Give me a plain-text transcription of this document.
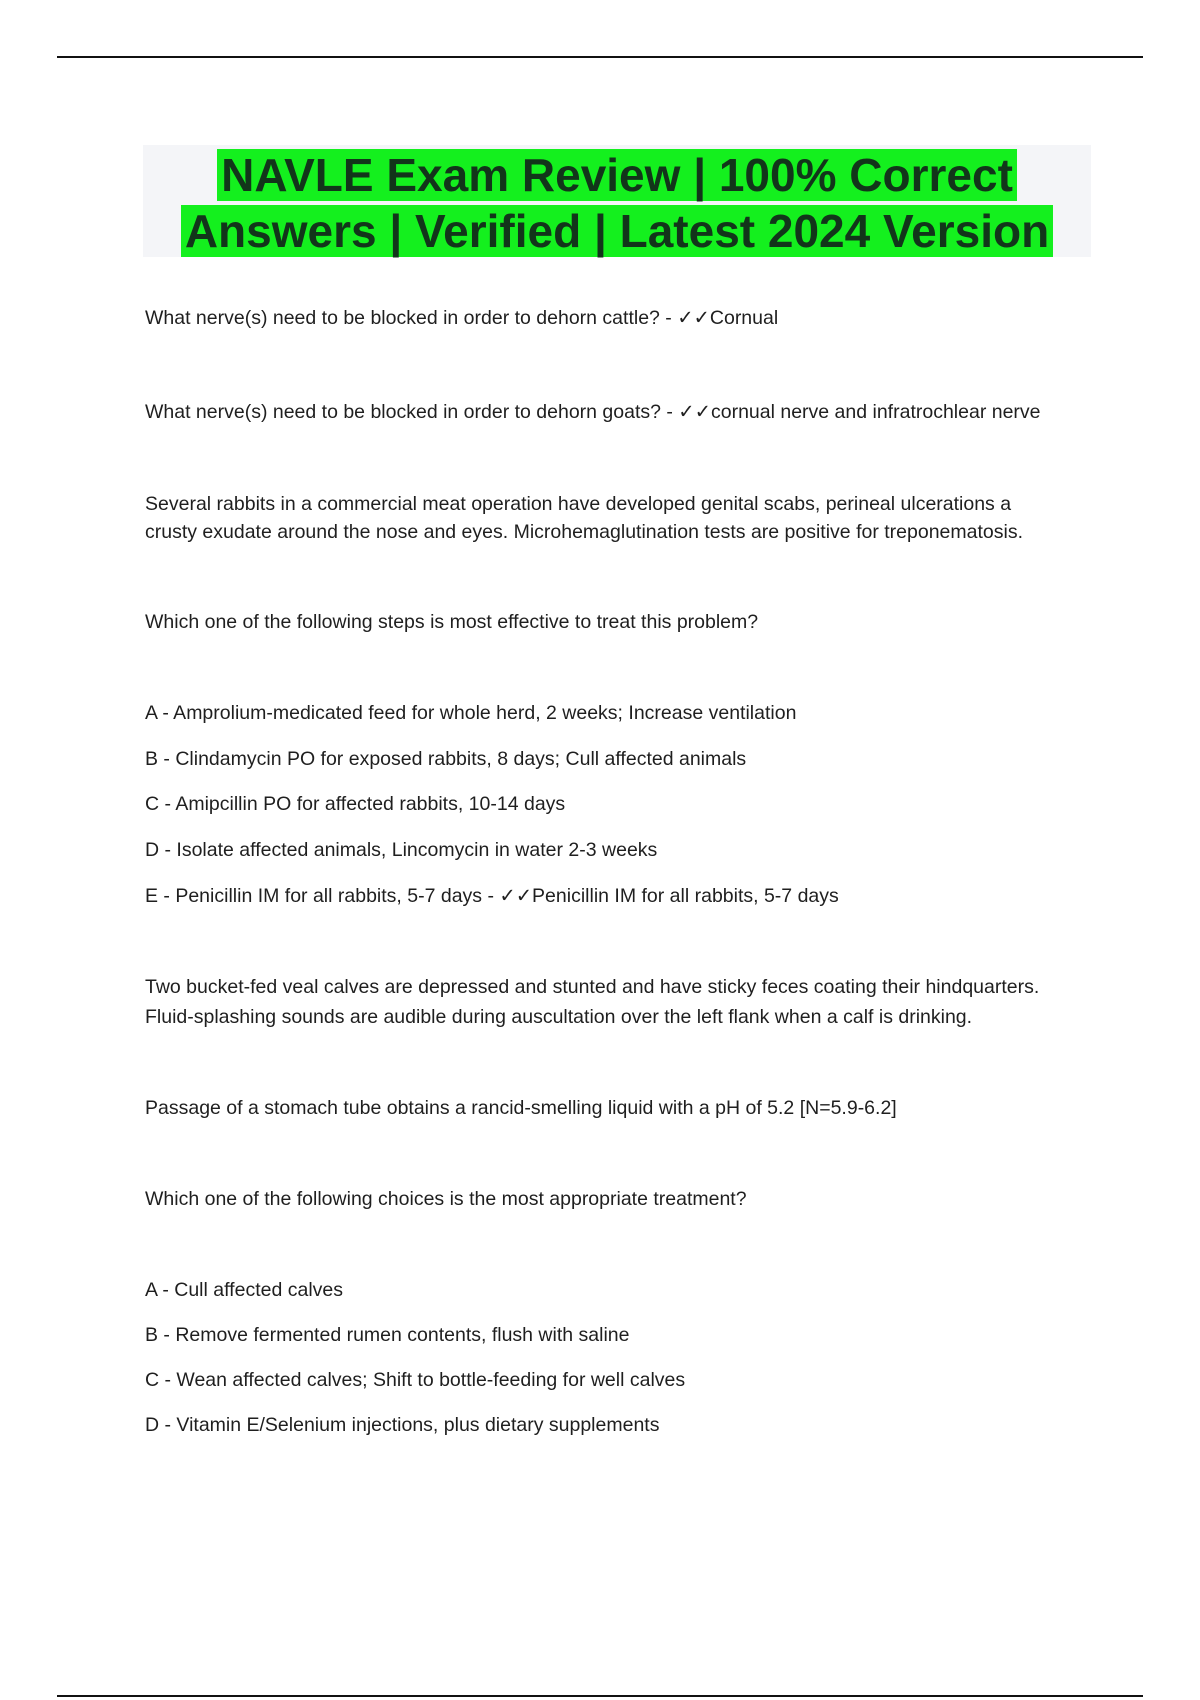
NAVLE Exam Review | 100% Correct
Answers | Verified | Latest 2024 Version
What nerve(s) need to be blocked in order to dehorn cattle? - ✓✓Cornual
What nerve(s) need to be blocked in order to dehorn goats? - ✓✓cornual nerve and infratrochlear nerve
Several rabbits in a commercial meat operation have developed genital scabs, perineal ulcerations a
crusty exudate around the nose and eyes. Microhemaglutination tests are positive for treponematosis.
Which one of the following steps is most effective to treat this problem?
A - Amprolium-medicated feed for whole herd, 2 weeks; Increase ventilation
B - Clindamycin PO for exposed rabbits, 8 days; Cull affected animals
C - Amipcillin PO for affected rabbits, 10-14 days
D - Isolate affected animals, Lincomycin in water 2-3 weeks
E - Penicillin IM for all rabbits, 5-7 days - ✓✓Penicillin IM for all rabbits, 5-7 days
Two bucket-fed veal calves are depressed and stunted and have sticky feces coating their hindquarters.
Fluid-splashing sounds are audible during auscultation over the left flank when a calf is drinking.
Passage of a stomach tube obtains a rancid-smelling liquid with a pH of 5.2 [N=5.9-6.2]
Which one of the following choices is the most appropriate treatment?
A - Cull affected calves
B - Remove fermented rumen contents, flush with saline
C - Wean affected calves; Shift to bottle-feeding for well calves
D - Vitamin E/Selenium injections, plus dietary supplements
